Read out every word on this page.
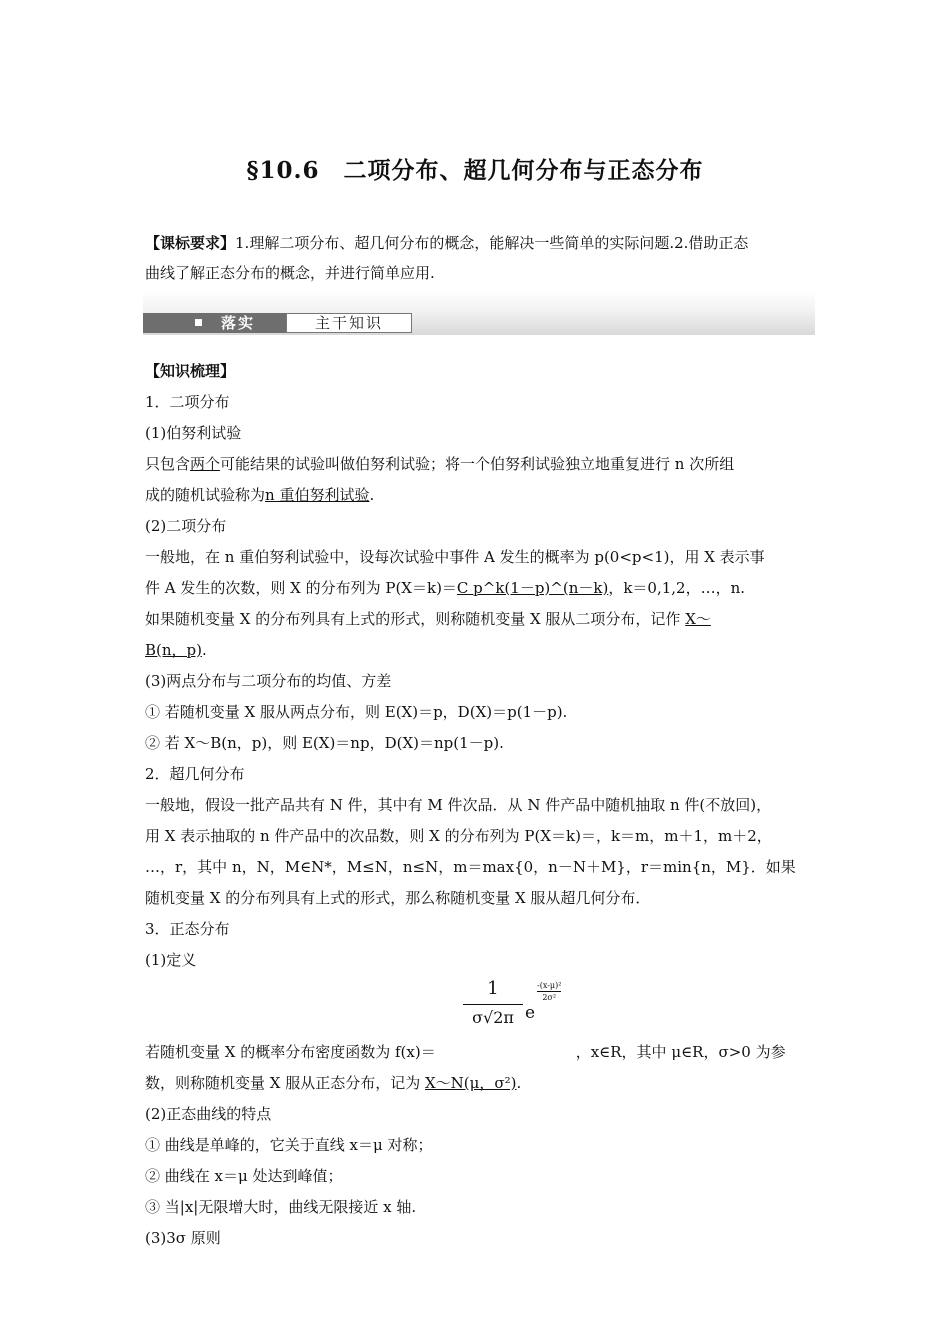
§10.6　二项分布、超几何分布与正态分布
【课标要求】1.理解二项分布、超几何分布的概念，能解决一些简单的实际问题.2.借助正态
曲线了解正态分布的概念，并进行简单应用.
落实	主干知识
【知识梳理】
1．二项分布
(1)伯努利试验
只包含两个可能结果的试验叫做伯努利试验；将一个伯努利试验独立地重复进行 n 次所组
成的随机试验称为n 重伯努利试验.
(2)二项分布
一般地，在 n 重伯努利试验中，设每次试验中事件 A 发生的概率为 p(0<p<1)，用 X 表示事
件 A 发生的次数，则 X 的分布列为 P(X＝k)＝C p^k(1－p)^(n－k)，k＝0,1,2，…，n.
如果随机变量 X 的分布列具有上式的形式，则称随机变量 X 服从二项分布，记作 X～
B(n，p).
(3)两点分布与二项分布的均值、方差
① 若随机变量 X 服从两点分布，则 E(X)＝p，D(X)＝p(1－p).
② 若 X～B(n，p)，则 E(X)＝np，D(X)＝np(1－p).
2．超几何分布
一般地，假设一批产品共有 N 件，其中有 M 件次品．从 N 件产品中随机抽取 n 件(不放回)，
用 X 表示抽取的 n 件产品中的次品数，则 X 的分布列为 P(X＝k)＝，k＝m，m＋1，m＋2，
…，r，其中 n，N，M∈N*，M≤N，n≤N，m＝max{0，n－N＋M}，r＝min{n，M}．如果
随机变量 X 的分布列具有上式的形式，那么称随机变量 X 服从超几何分布．
3．正态分布
(1)定义
1
σ√2π e
$\frac{\text{-(x-μ)²}}{\text{2σ²}}$
若随机变量 X 的概率分布密度函数为 f(x)＝	，x∈R，其中 μ∈R，σ>0 为参
数，则称随机变量 X 服从正态分布，记为 X～N(μ，σ²).
(2)正态曲线的特点
① 曲线是单峰的，它关于直线 x＝μ 对称；
② 曲线在 x＝μ 处达到峰值；
③ 当|x|无限增大时，曲线无限接近 x 轴.
(3)3σ 原则
